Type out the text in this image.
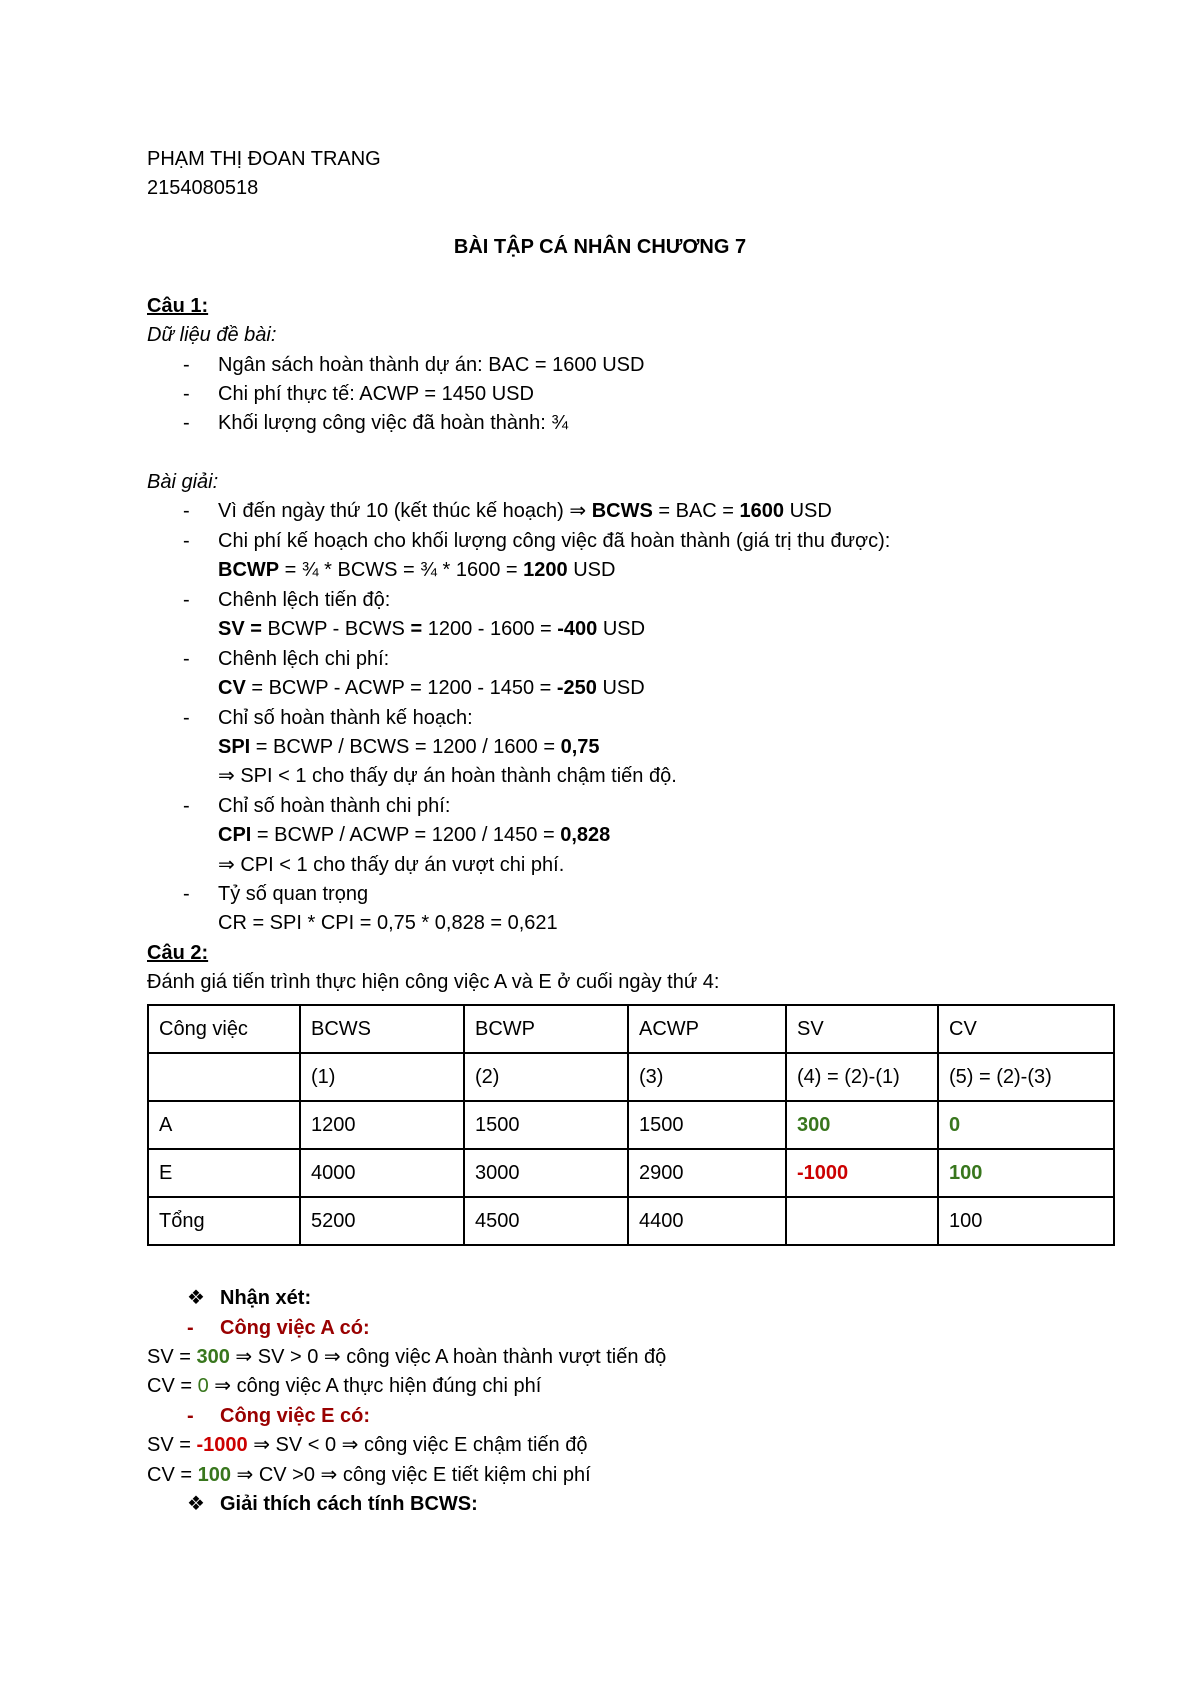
PHẠM THỊ ĐOAN TRANG
2154080518
BÀI TẬP CÁ NHÂN CHƯƠNG 7
Câu 1:
Dữ liệu đề bài:
- Ngân sách hoàn thành dự án: BAC = 1600 USD
- Chi phí thực tế: ACWP = 1450 USD
- Khối lượng công việc đã hoàn thành: ¾
Bài giải:
- Vì đến ngày thứ 10 (kết thúc kế hoạch) ⇒ BCWS = BAC = 1600 USD
- Chi phí kế hoạch cho khối lượng công việc đã hoàn thành (giá trị thu được):
BCWP = ¾ * BCWS = ¾ * 1600 = 1200 USD
- Chênh lệch tiến độ:
SV = BCWP - BCWS = 1200 - 1600 = -400 USD
- Chênh lệch chi phí:
CV = BCWP - ACWP = 1200 - 1450 = -250 USD
- Chỉ số hoàn thành kế hoạch:
SPI = BCWP / BCWS = 1200 / 1600 = 0,75
⇒ SPI < 1 cho thấy dự án hoàn thành chậm tiến độ.
- Chỉ số hoàn thành chi phí:
CPI = BCWP / ACWP = 1200 / 1450 = 0,828
⇒ CPI < 1 cho thấy dự án vượt chi phí.
- Tỷ số quan trọng
CR = SPI * CPI = 0,75 * 0,828 = 0,621
Câu 2:
Đánh giá tiến trình thực hiện công việc A và E ở cuối ngày thứ 4:
Công việc	BCWS	BCWP	ACWP	SV	CV
	(1)	(2)	(3)	(4) = (2)-(1)	(5) = (2)-(3)
A	1200	1500	1500	300	0
E	4000	3000	2900	-1000	100
Tổng	5200	4500	4400		100
❖ Nhận xét:
- Công việc A có:
SV = 300 ⇒ SV > 0 ⇒ công việc A hoàn thành vượt tiến độ
CV = 0 ⇒ công việc A thực hiện đúng chi phí
- Công việc E có:
SV = -1000 ⇒ SV < 0 ⇒ công việc E chậm tiến độ
CV = 100 ⇒ CV >0 ⇒ công việc E tiết kiệm chi phí
❖ Giải thích cách tính BCWS:
